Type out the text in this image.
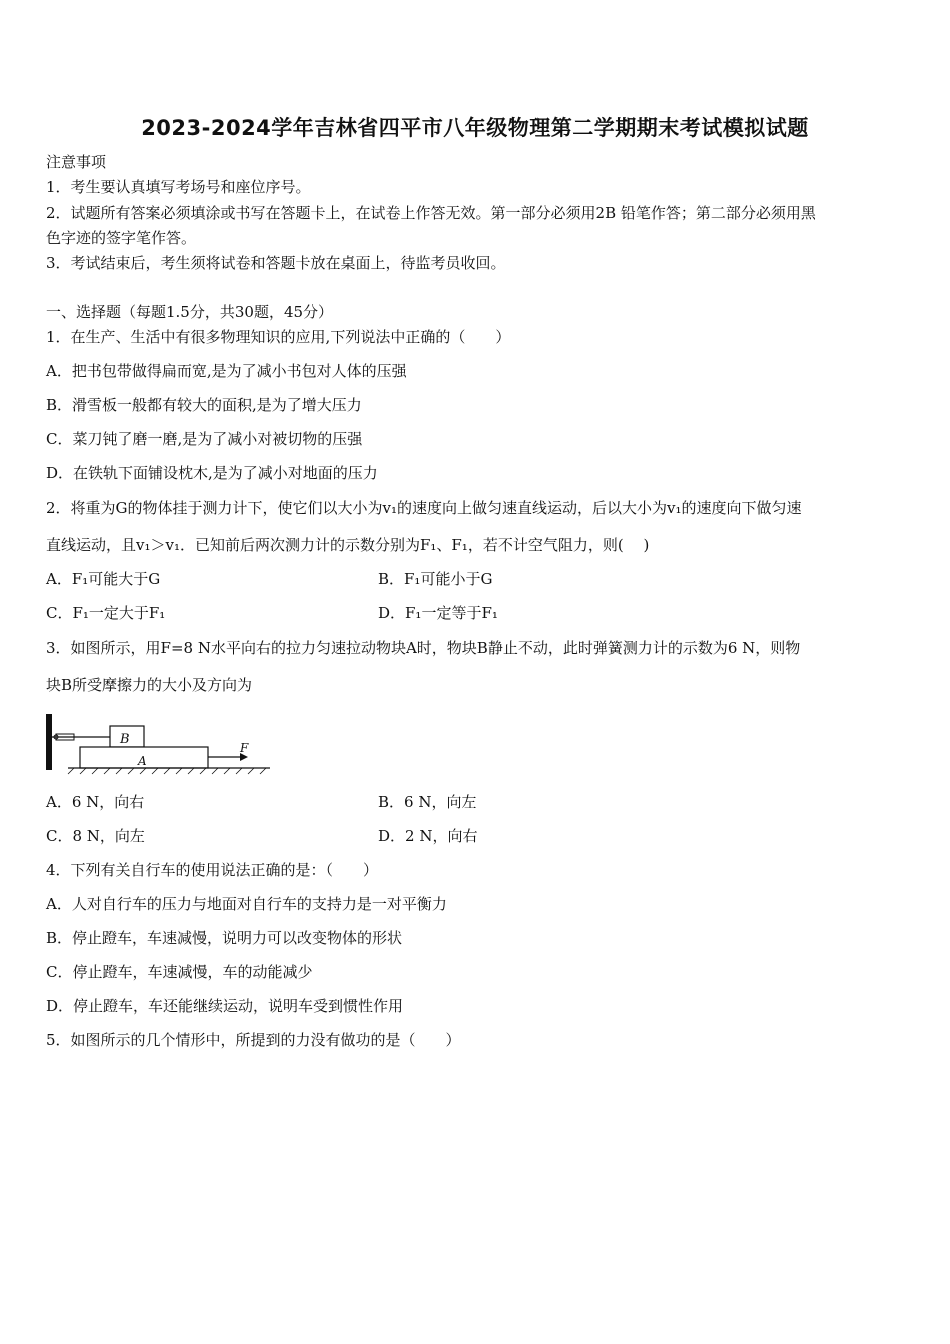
2023-2024学年吉林省四平市八年级物理第二学期期末考试模拟试题
注意事项
1．考生要认真填写考场号和座位序号。
2．试题所有答案必须填涂或书写在答题卡上，在试卷上作答无效。第一部分必须用2B 铅笔作答；第二部分必须用黑
色字迹的签字笔作答。
3．考试结束后，考生须将试卷和答题卡放在桌面上，待监考员收回。
一、选择题（每题1.5分，共30题，45分）
1．在生产、生活中有很多物理知识的应用,下列说法中正确的（　　）
A．把书包带做得扁而宽,是为了减小书包对人体的压强
B．滑雪板一般都有较大的面积,是为了增大压力
C．菜刀钝了磨一磨,是为了减小对被切物的压强
D．在铁轨下面铺设枕木,是为了减小对地面的压力
2．将重为G的物体挂于测力计下，使它们以大小为v₁的速度向上做匀速直线运动，后以大小为v₁的速度向下做匀速
直线运动，且v₁＞v₁．已知前后两次测力计的示数分别为F₁、F₁，若不计空气阻力，则(　 )
A．F₁可能大于G	B．F₁可能小于G
C．F₁一定大于F₁	D．F₁一定等于F₁
3．如图所示，用F=8 N水平向右的拉力匀速拉动物块A时，物块B静止不动，此时弹簧测力计的示数为6 N，则物
块B所受摩擦力的大小及方向为
B
A
F
A．6 N，向右	B．6 N，向左
C．8 N，向左	D．2 N，向右
4．下列有关自行车的使用说法正确的是：（　　）
A．人对自行车的压力与地面对自行车的支持力是一对平衡力
B．停止蹬车，车速减慢，说明力可以改变物体的形状
C．停止蹬车，车速减慢，车的动能减少
D．停止蹬车，车还能继续运动，说明车受到惯性作用
5．如图所示的几个情形中，所提到的力没有做功的是（　　）
